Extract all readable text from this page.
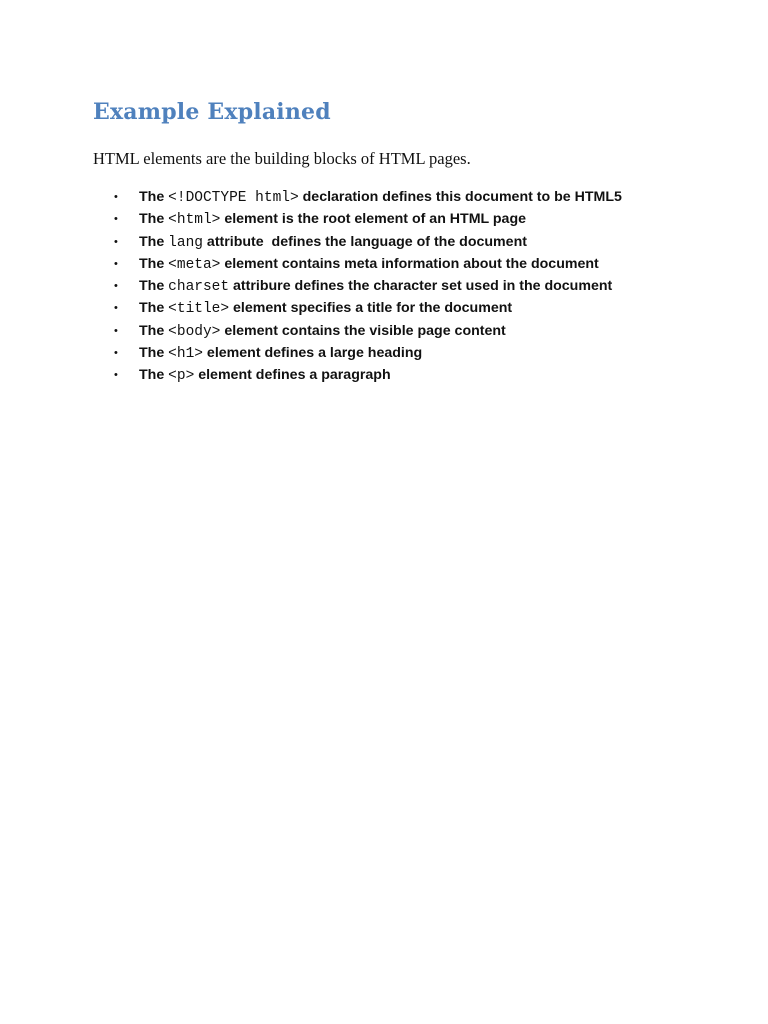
Example Explained

HTML elements are the building blocks of HTML pages.

• The <!DOCTYPE html> declaration defines this document to be HTML5
• The <html> element is the root element of an HTML page
• The lang attribute  defines the language of the document
• The <meta> element contains meta information about the document
• The charset attribure defines the character set used in the document
• The <title> element specifies a title for the document
• The <body> element contains the visible page content
• The <h1> element defines a large heading
• The <p> element defines a paragraph
